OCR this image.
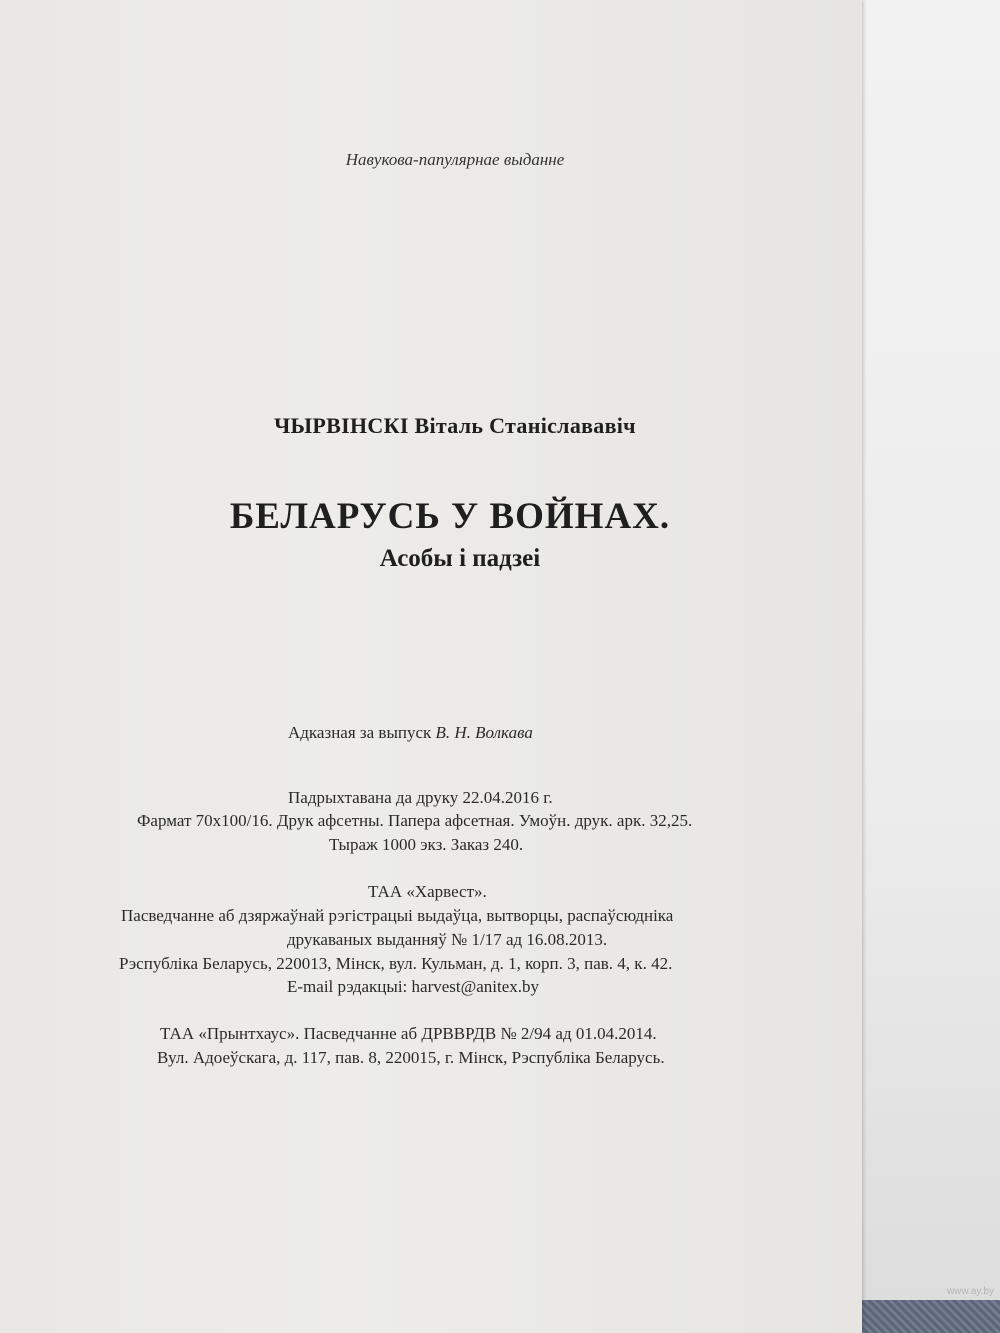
Навукова-папулярнае выданне
ЧЫРВІНСКІ Віталь Станіслававіч
БЕЛАРУСЬ У ВОЙНАХ.
Асобы і падзеі
Адказная за выпуск В. Н. Волкава
Падрыхтавана да друку 22.04.2016 г.
Фармат 70x100/16. Друк афсетны. Папера афсетная. Умоўн. друк. арк. 32,25.
Тыраж 1000 экз. Заказ 240.
ТАА «Харвест».
Пасведчанне аб дзяржаўнай рэгістрацыі выдаўца, вытворцы, распаўсюдніка
друкаваных выданняў № 1/17 ад 16.08.2013.
Рэспубліка Беларусь, 220013, Мінск, вул. Кульман, д. 1, корп. 3, пав. 4, к. 42.
E-mail рэдакцыі: harvest@anitex.by
ТАА «Прынтхаус». Пасведчанне аб ДРВВРДВ № 2/94 ад 01.04.2014.
Вул. Адоеўскага, д. 117, пав. 8, 220015, г. Мінск, Рэспубліка Беларусь.
www.ay.by
